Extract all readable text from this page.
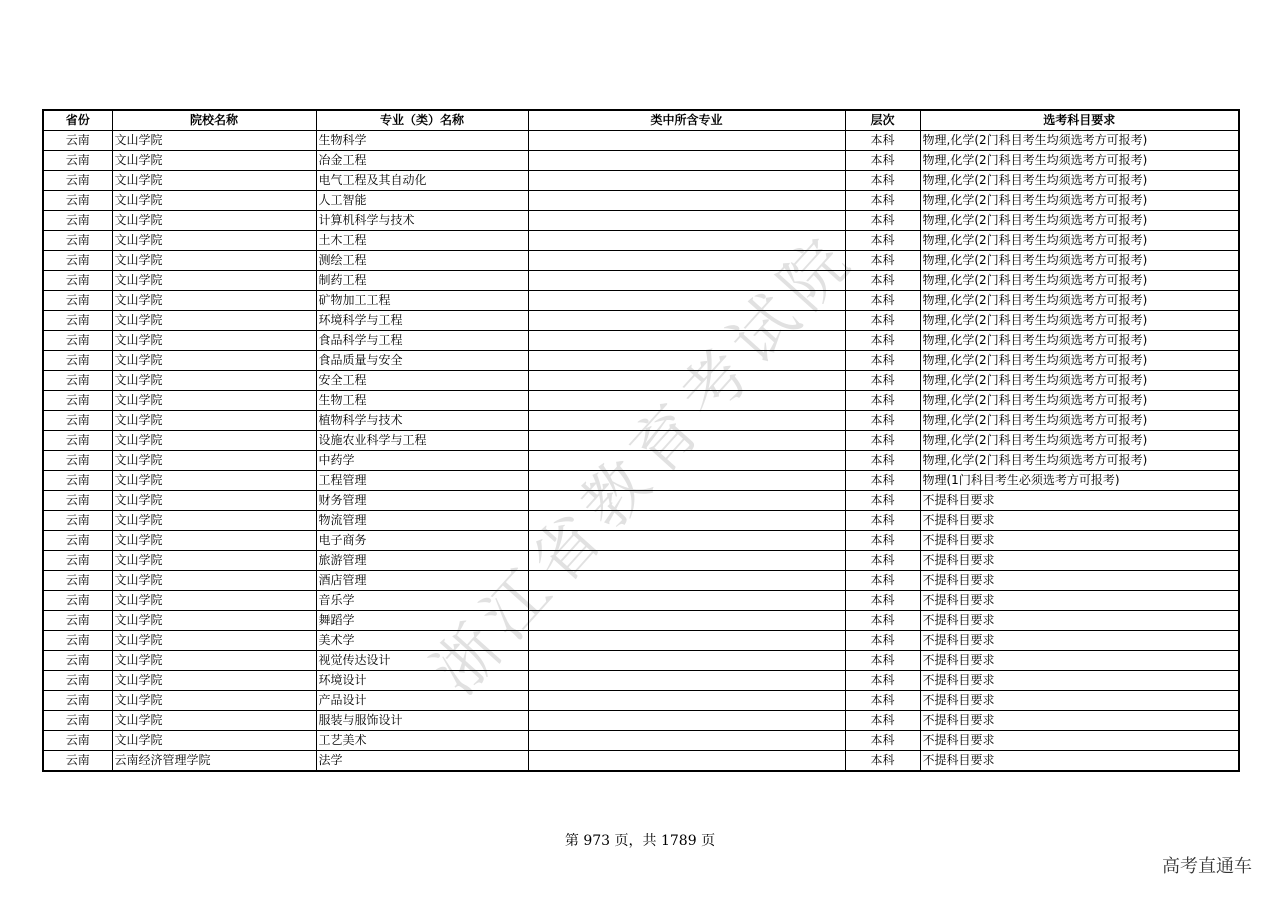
浙江省教育考试院
省份	院校名称	专业（类）名称	类中所含专业	层次	选考科目要求
云南	文山学院	生物科学		本科	物理,化学(2门科目考生均须选考方可报考)
云南	文山学院	冶金工程		本科	物理,化学(2门科目考生均须选考方可报考)
云南	文山学院	电气工程及其自动化		本科	物理,化学(2门科目考生均须选考方可报考)
云南	文山学院	人工智能		本科	物理,化学(2门科目考生均须选考方可报考)
云南	文山学院	计算机科学与技术		本科	物理,化学(2门科目考生均须选考方可报考)
云南	文山学院	土木工程		本科	物理,化学(2门科目考生均须选考方可报考)
云南	文山学院	测绘工程		本科	物理,化学(2门科目考生均须选考方可报考)
云南	文山学院	制药工程		本科	物理,化学(2门科目考生均须选考方可报考)
云南	文山学院	矿物加工工程		本科	物理,化学(2门科目考生均须选考方可报考)
云南	文山学院	环境科学与工程		本科	物理,化学(2门科目考生均须选考方可报考)
云南	文山学院	食品科学与工程		本科	物理,化学(2门科目考生均须选考方可报考)
云南	文山学院	食品质量与安全		本科	物理,化学(2门科目考生均须选考方可报考)
云南	文山学院	安全工程		本科	物理,化学(2门科目考生均须选考方可报考)
云南	文山学院	生物工程		本科	物理,化学(2门科目考生均须选考方可报考)
云南	文山学院	植物科学与技术		本科	物理,化学(2门科目考生均须选考方可报考)
云南	文山学院	设施农业科学与工程		本科	物理,化学(2门科目考生均须选考方可报考)
云南	文山学院	中药学		本科	物理,化学(2门科目考生均须选考方可报考)
云南	文山学院	工程管理		本科	物理(1门科目考生必须选考方可报考)
云南	文山学院	财务管理		本科	不提科目要求
云南	文山学院	物流管理		本科	不提科目要求
云南	文山学院	电子商务		本科	不提科目要求
云南	文山学院	旅游管理		本科	不提科目要求
云南	文山学院	酒店管理		本科	不提科目要求
云南	文山学院	音乐学		本科	不提科目要求
云南	文山学院	舞蹈学		本科	不提科目要求
云南	文山学院	美术学		本科	不提科目要求
云南	文山学院	视觉传达设计		本科	不提科目要求
云南	文山学院	环境设计		本科	不提科目要求
云南	文山学院	产品设计		本科	不提科目要求
云南	文山学院	服装与服饰设计		本科	不提科目要求
云南	文山学院	工艺美术		本科	不提科目要求
云南	云南经济管理学院	法学		本科	不提科目要求
第 973 页，共 1789 页
高考直通车
